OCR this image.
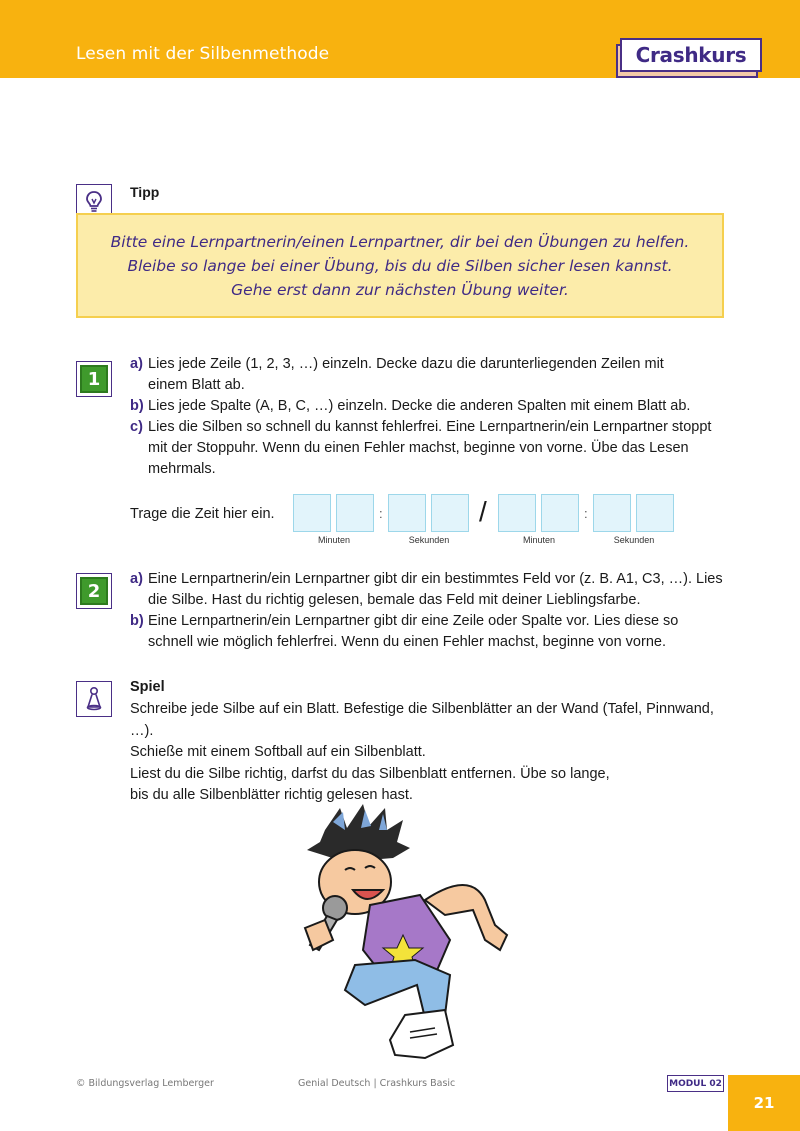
Lesen mit der Silbenmethode	Crashkurs
Tipp
Bitte eine Lernpartnerin/einen Lernpartner, dir bei den Übungen zu helfen.
Bleibe so lange bei einer Übung, bis du die Silben sicher lesen kannst.
Gehe erst dann zur nächsten Übung weiter.
1
a) Lies jede Zeile (1, 2, 3, …) einzeln. Decke dazu die darunterliegenden Zeilen mit einem Blatt ab.
b) Lies jede Spalte (A, B, C, …) einzeln. Decke die anderen Spalten mit einem Blatt ab.
c) Lies die Silben so schnell du kannst fehlerfrei. Eine Lernpartnerin/ein Lernpartner stoppt mit der Stoppuhr. Wenn du einen Fehler machst, beginne von vorne. Übe das Lesen mehrmals.
Trage die Zeit hier ein.	:	/	:
Minuten	Sekunden	Minuten	Sekunden
2
a) Eine Lernpartnerin/ein Lernpartner gibt dir ein bestimmtes Feld vor (z. B. A1, C3, …). Lies die Silbe. Hast du richtig gelesen, bemale das Feld mit deiner Lieblingsfarbe.
b) Eine Lernpartnerin/ein Lernpartner gibt dir eine Zeile oder Spalte vor. Lies diese so schnell wie möglich fehlerfrei. Wenn du einen Fehler machst, beginne von vorne.
Spiel
Schreibe jede Silbe auf ein Blatt. Befestige die Silbenblätter an der Wand (Tafel, Pinnwand, …).
Schieße mit einem Softball auf ein Silbenblatt.
Liest du die Silbe richtig, darfst du das Silbenblatt entfernen. Übe so lange,
bis du alle Silbenblätter richtig gelesen hast.
© Bildungsverlag Lemberger	Genial Deutsch | Crashkurs Basic	MODUL 02
21
